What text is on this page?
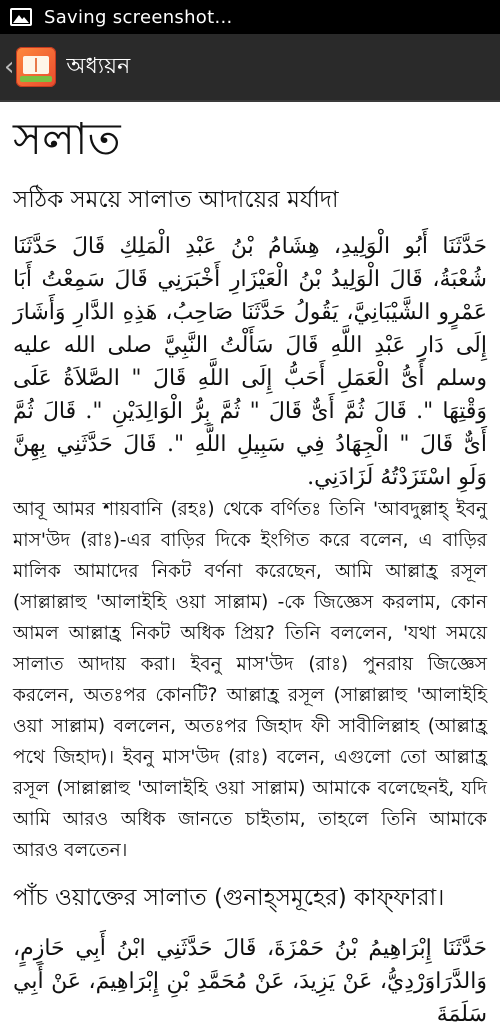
Saving screenshot...
‹ অধ্যয়ন
সলাত
সঠিক সময়ে সালাত আদায়ের মর্যাদা

حَدَّثَنَا أَبُو الْوَلِيدِ، هِشَامُ بْنُ عَبْدِ الْمَلِكِ قَالَ حَدَّثَنَا شُعْبَةُ، قَالَ الْوَلِيدُ بْنُ الْعَيْزَارِ أَخْبَرَنِي قَالَ سَمِعْتُ أَبَا عَمْرٍو الشَّيْبَانِيَّ، يَقُولُ حَدَّثَنَا صَاحِبُ، هَذِهِ الدَّارِ وَأَشَارَ إِلَى دَارِ عَبْدِ اللَّهِ قَالَ سَأَلْتُ النَّبِيَّ صلى الله عليه وسلم أَىُّ الْعَمَلِ أَحَبُّ إِلَى اللَّهِ قَالَ " الصَّلاَةُ عَلَى وَقْتِهَا ". قَالَ ثُمَّ أَىٌّ قَالَ " ثُمَّ بِرُّ الْوَالِدَيْنِ ". قَالَ ثُمَّ أَىٌّ قَالَ " الْجِهَادُ فِي سَبِيلِ اللَّهِ ". قَالَ حَدَّثَنِي بِهِنَّ وَلَوِ اسْتَزَدْتُهُ لَزَادَنِي.

আবূ আমর শায়বানি (রহঃ) থেকে বর্ণিতঃ তিনি 'আবদুল্লাহ্ ইবনু মাস'উদ (রাঃ)-এর বাড়ির দিকে ইংগিত করে বলেন, এ বাড়ির মালিক আমাদের নিকট বর্ণনা করেছেন, আমি আল্লাহ্র রসূল (সাল্লাল্লাহু 'আলাইহি ওয়া সাল্লাম) -কে জিজ্ঞেস করলাম, কোন আমল আল্লাহ্র নিকট অধিক প্রিয়? তিনি বললেন, 'যথা সময়ে সালাত আদায় করা। ইবনু মাস'উদ (রাঃ) পুনরায় জিজ্ঞেস করলেন, অতঃপর কোনটি? আল্লাহ্র রসূল (সাল্লাল্লাহু 'আলাইহি ওয়া সাল্লাম) বললেন, অতঃপর জিহাদ ফী সাবীলিল্লাহ (আল্লাহ্র পথে জিহাদ)। ইবনু মাস'উদ (রাঃ) বলেন, এগুলো তো আল্লাহ্র রসূল (সাল্লাল্লাহু 'আলাইহি ওয়া সাল্লাম) আমাকে বলেছেনই, যদি আমি আরও অধিক জানতে চাইতাম, তাহলে তিনি আমাকে আরও বলতেন।

পাঁচ ওয়াক্তের সালাত (গুনাহ্সমূহের) কাফ্ফারা।

حَدَّثَنَا إِبْرَاهِيمُ بْنُ حَمْزَةَ، قَالَ حَدَّثَنِي ابْنُ أَبِي حَازِمٍ، وَالدَّرَاوَرْدِيُّ، عَنْ يَزِيدَ، عَنْ مُحَمَّدِ بْنِ إِبْرَاهِيمَ، عَنْ أَبِي سَلَمَةَ
